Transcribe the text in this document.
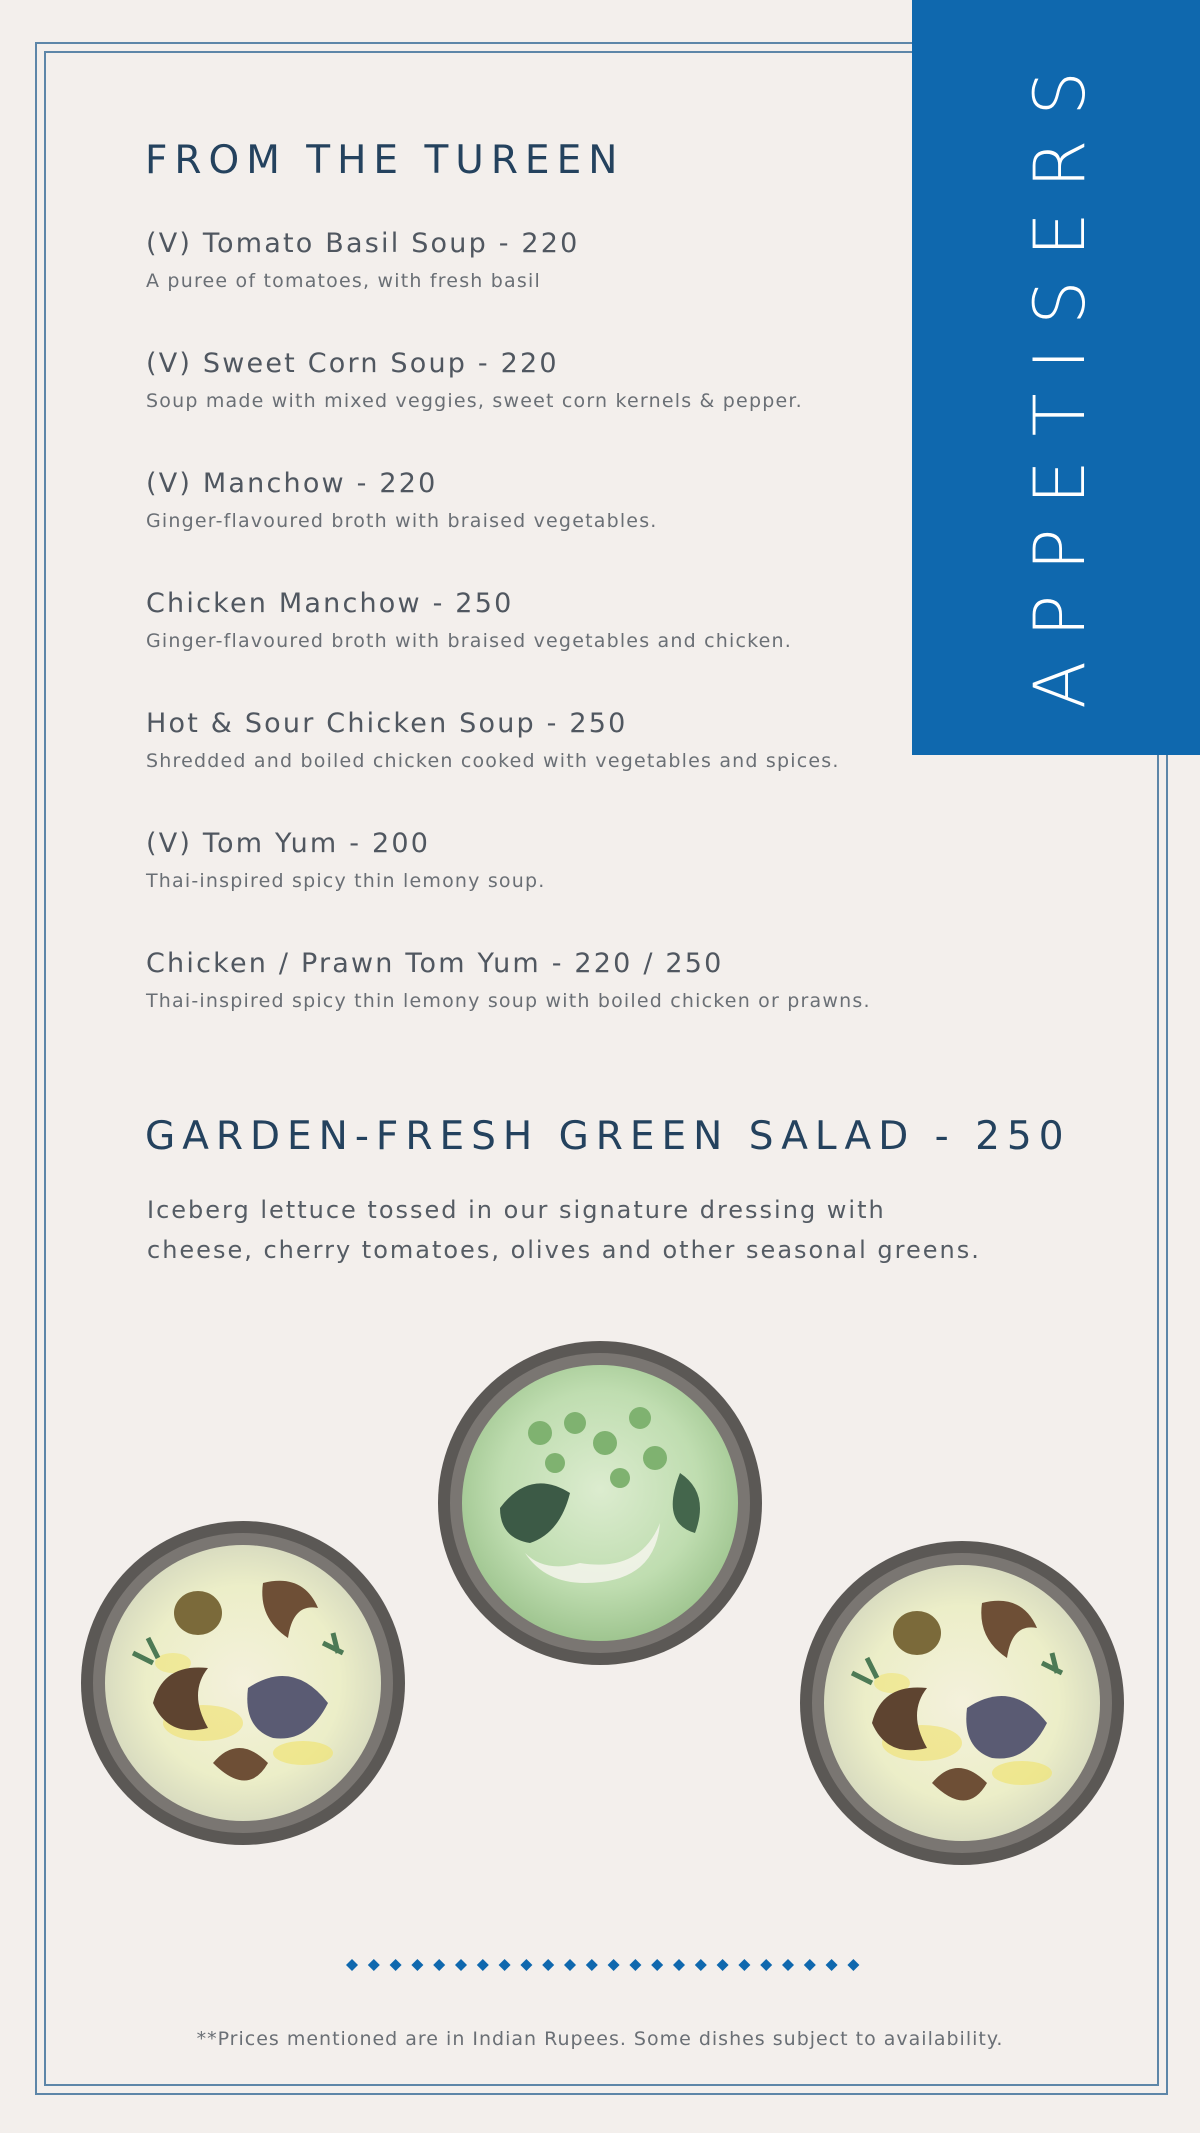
APPETISERS
FROM THE TUREEN
(V) Tomato Basil Soup - 220
A puree of tomatoes, with fresh basil
(V) Sweet Corn Soup - 220
Soup made with mixed veggies, sweet corn kernels & pepper.
(V) Manchow - 220
Ginger-flavoured broth with braised vegetables.
Chicken Manchow - 250
Ginger-flavoured broth with braised vegetables and chicken.
Hot & Sour Chicken Soup - 250
Shredded and boiled chicken cooked with vegetables and spices.
(V) Tom Yum - 200
Thai-inspired spicy thin lemony soup.
Chicken / Prawn Tom Yum - 220 / 250
Thai-inspired spicy thin lemony soup with boiled chicken or prawns.
GARDEN-FRESH GREEN SALAD - 250
Iceberg lettuce tossed in our signature dressing with
cheese, cherry tomatoes, olives and other seasonal greens.
**Prices mentioned are in Indian Rupees. Some dishes subject to availability.
